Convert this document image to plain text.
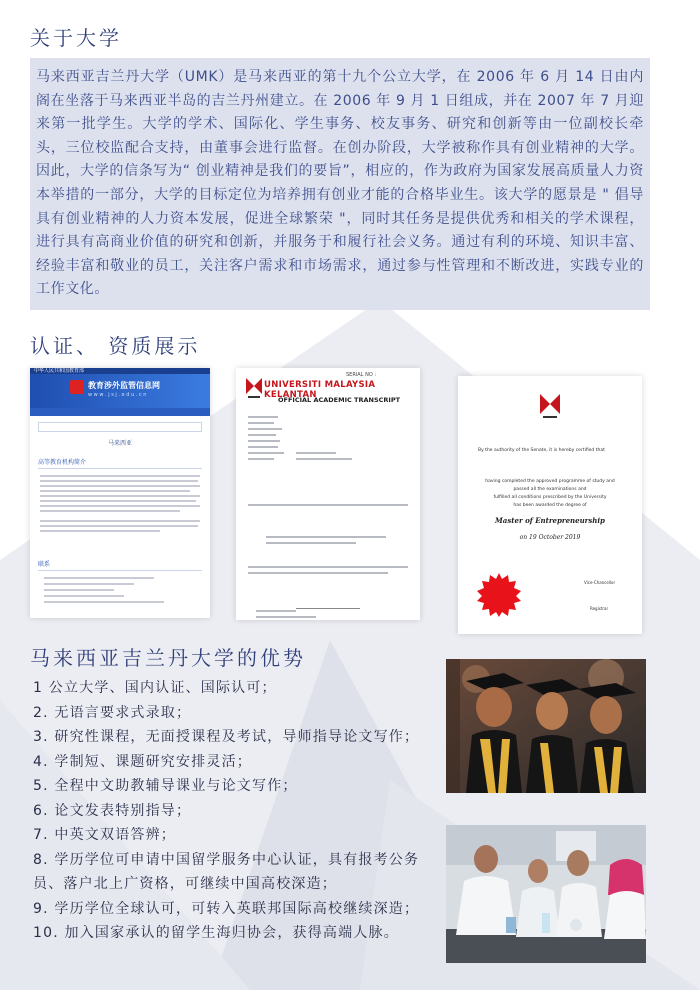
关于大学

马来西亚吉兰丹大学（UMK）是马来西亚的第十九个公立大学，在 2006 年 6 月 14 日由内阁在坐落于马来西亚半岛的吉兰丹州建立。在 2006 年 9 月 1 日组成，并在 2007 年 7 月迎来第一批学生。大学的学术、国际化、学生事务、校友事务、研究和创新等由一位副校长牵头，三位校监配合支持，由董事会进行监督。在创办阶段，大学被称作具有创业精神的大学。因此，大学的信条写为“ 创业精神是我们的要旨”，相应的，作为政府为国家发展高质量人力资本举措的一部分，大学的目标定位为培养拥有创业才能的合格毕业生。该大学的愿景是 " 倡导具有创业精神的人力资本发展，促进全球繁荣 "，同时其任务是提供优秀和相关的学术课程，进行具有高商业价值的研究和创新，并服务于和履行社会义务。通过有利的环境、知识丰富、经验丰富和敬业的员工，关注客户需求和市场需求，通过参与性管理和不断改进，实践专业的工作文化。

认证、 资质展示
中华人民共和国教育部
教育涉外监管信息网
w w w . j s j . e d u . c n
马来西亚
高等教育机构简介
联系
SERIAL NO :
UNIVERSITI MALAYSIA KELANTAN
OFFICIAL ACADEMIC TRANSCRIPT
By the authority of the Senate, it is hereby certified that
having completed the approved programme of study and
passed all the examinations and
fulfilled all conditions prescribed by the University
has been awarded the degree of
Master of Entrepreneurship
on 19 October 2019
Vice-Chancellor
Registrar
马来西亚吉兰丹大学的优势
1 公立大学、国内认证、国际认可；
2. 无语言要求式录取；
3. 研究性课程，无面授课程及考试，导师指导论文写作；
4. 学制短、课题研究安排灵活；
5. 全程中文助教辅导课业与论文写作；
6. 论文发表特别指导；
7. 中英文双语答辨；
8. 学历学位可申请中国留学服务中心认证，具有报考公务员、落户北上广资格，可继续中国高校深造；
9. 学历学位全球认可，可转入英联邦国际高校继续深造；
10. 加入国家承认的留学生海归协会，获得高端人脉。
